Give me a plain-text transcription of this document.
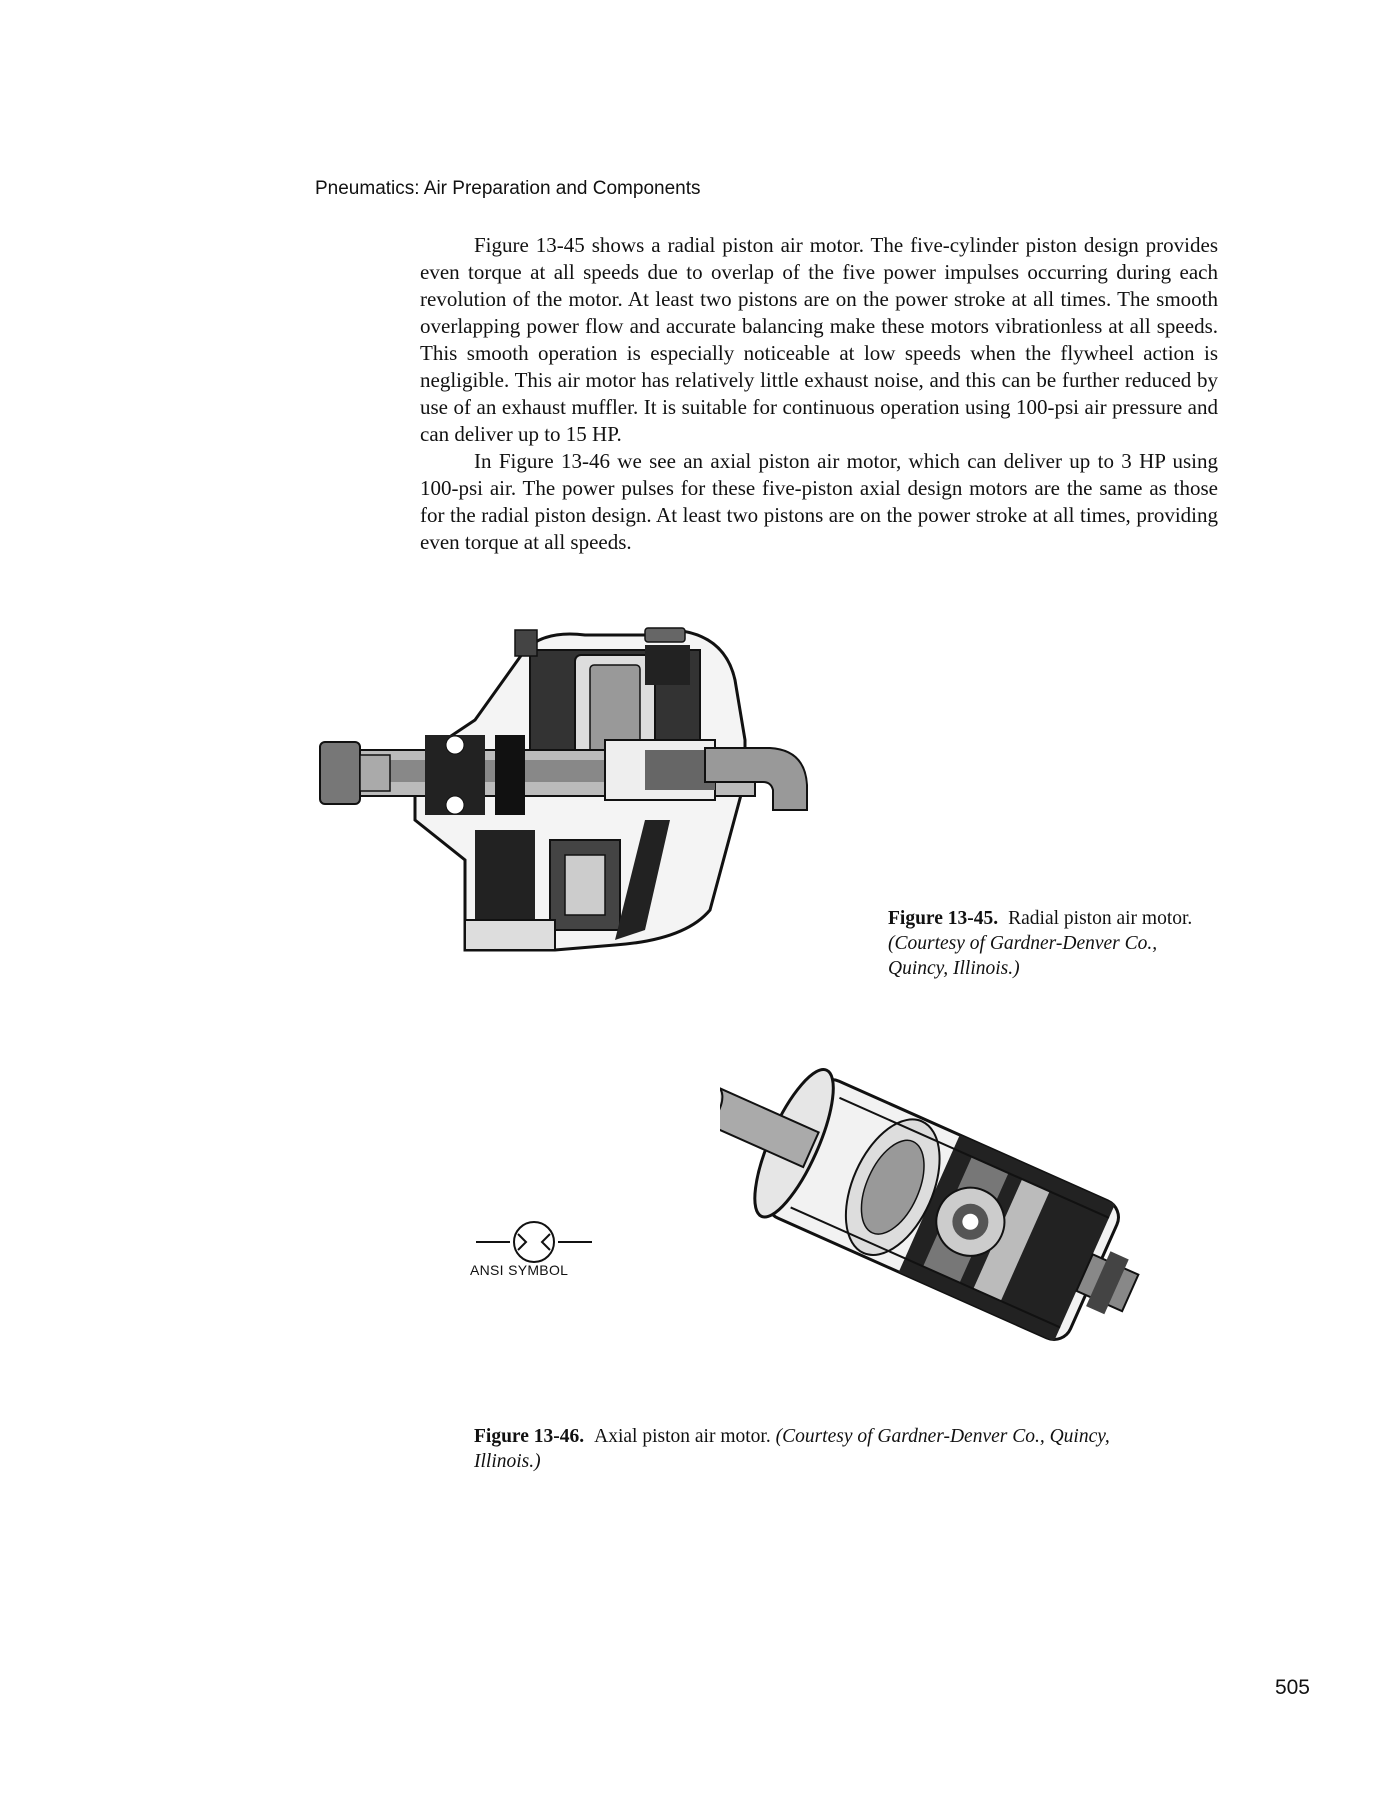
Pneumatics: Air Preparation and Components

Figure 13-45 shows a radial piston air motor. The five-cylinder piston design provides even torque at all speeds due to overlap of the five power impulses occurring during each revolution of the motor. At least two pistons are on the power stroke at all times. The smooth overlapping power flow and accurate balancing make these motors vibrationless at all speeds. This smooth operation is especially noticeable at low speeds when the flywheel action is negligible. This air motor has relatively little exhaust noise, and this can be further reduced by use of an exhaust muffler. It is suitable for continuous operation using 100-psi air pressure and can deliver up to 15 HP.

In Figure 13-46 we see an axial piston air motor, which can deliver up to 3 HP using 100-psi air. The power pulses for these five-piston axial design motors are the same as those for the radial piston design. At least two pistons are on the power stroke at all times, providing even torque at all speeds.

Figure 13-45. Radial piston air motor.
(Courtesy of Gardner-Denver Co., Quincy, Illinois.)
ANSI SYMBOL
Figure 13-46. Axial piston air motor. (Courtesy of Gardner-Denver Co., Quincy, Illinois.)
505
